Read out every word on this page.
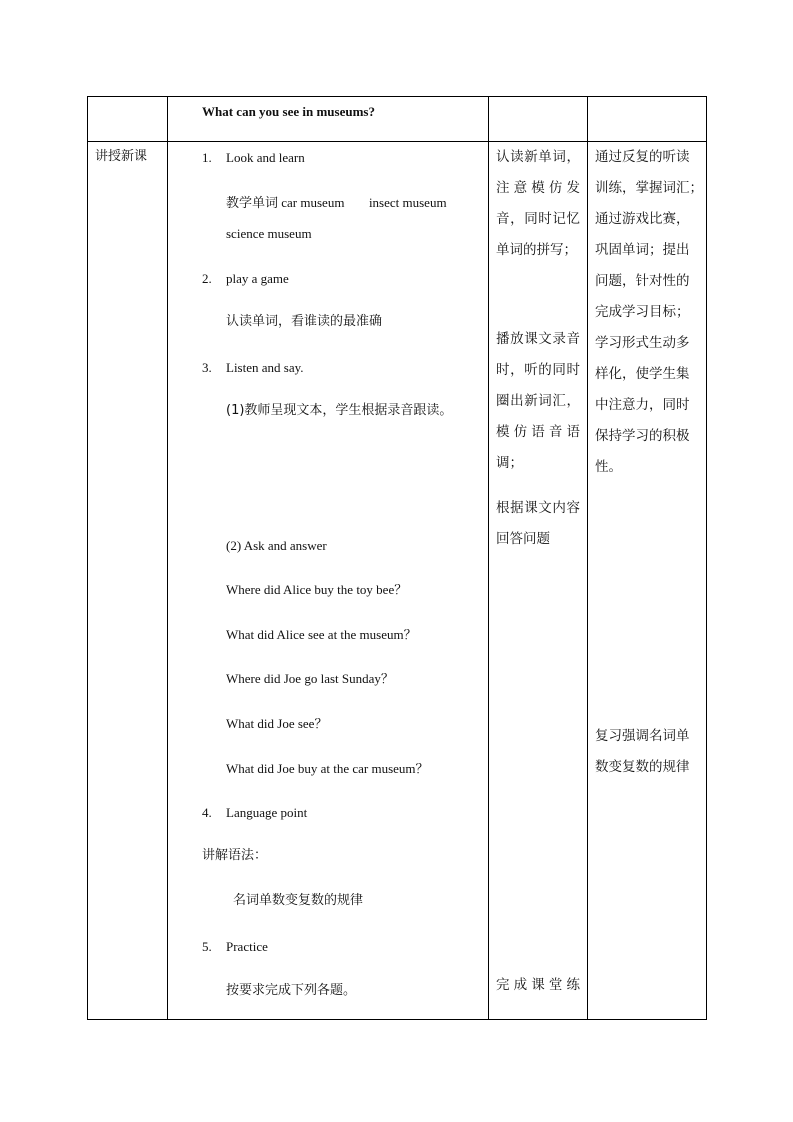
What can you see in museums?
讲授新课	1. Look and learn
教学单词 car museum insect museum
science museum
2. play a game
认读单词，看谁读的最准确
3. Listen and say.
(1)教师呈现文本，学生根据录音跟读。
(2) Ask and answer
Where did Alice buy the toy bee？
What did Alice see at the museum？
Where did Joe go last Sunday？
What did Joe see？
What did Joe buy at the car museum？
4. Language point
讲解语法：
名词单数变复数的规律
5. Practice
按要求完成下列各题。
认读新单词，
注意模仿发
音，同时记忆
单词的拼写；
播放课文录音
时，听的同时
圈出新词汇，
模仿语音语
调；
根据课文内容
回答问题
完成课堂练
通过反复的听读
训练，掌握词汇；
通过游戏比赛，
巩固单词；提出
问题，针对性的
完成学习目标；
学习形式生动多
样化，使学生集
中注意力，同时
保持学习的积极
性。
复习强调名词单
数变复数的规律
